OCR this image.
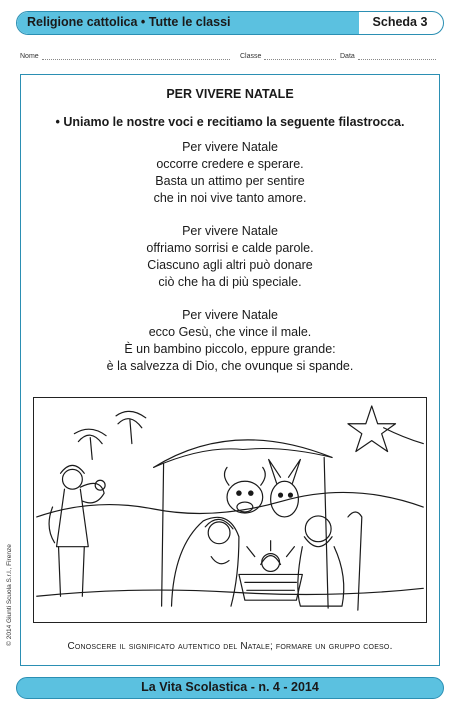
Religione cattolica • Tutte le classi	Scheda 3
Nome	Classe	Data
PER VIVERE NATALE
• Uniamo le nostre voci e recitiamo la seguente filastrocca.
Per vivere Natale
occorre credere e sperare.
Basta un attimo per sentire
che in noi vive tanto amore.
Per vivere Natale
offriamo sorrisi e calde parole.
Ciascuno agli altri può donare
ciò che ha di più speciale.
Per vivere Natale
ecco Gesù, che vince il male.
È un bambino piccolo, eppure grande:
è la salvezza di Dio, che ovunque si spande.
Conoscere il significato autentico del Natale; formare un gruppo coeso.
La Vita Scolastica - n. 4 - 2014
© 2014 Giunti Scuola S.r.l., Firenze
